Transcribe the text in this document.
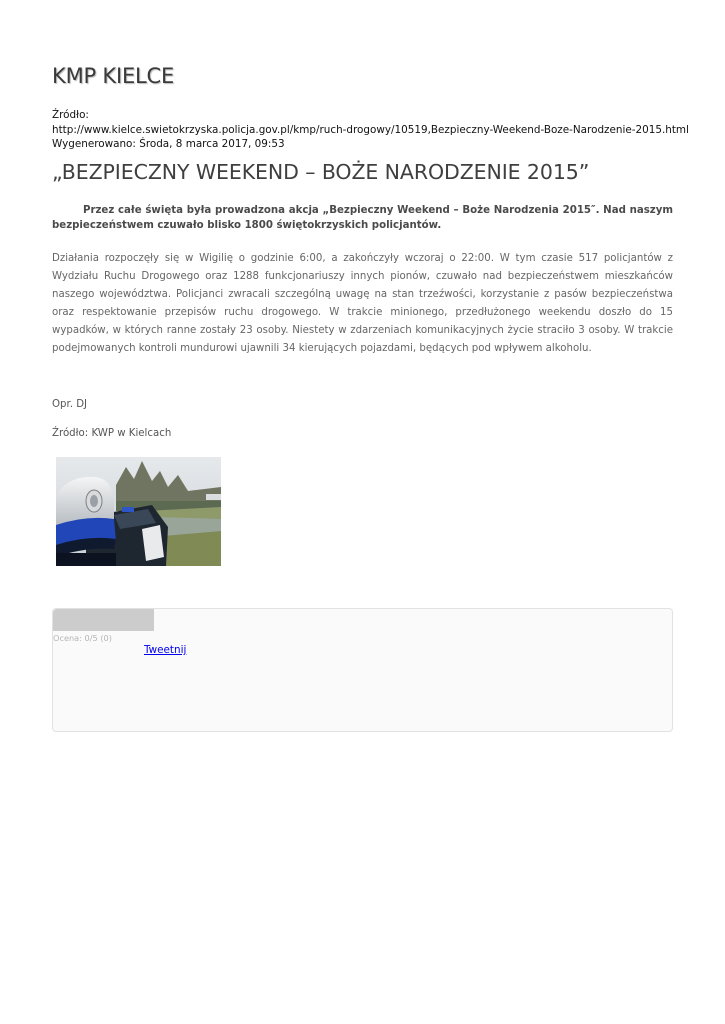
KMP KIELCE
Źródło:
http://www.kielce.swietokrzyska.policja.gov.pl/kmp/ruch-drogowy/10519,Bezpieczny-Weekend-Boze-Narodzenie-2015.html
Wygenerowano: Środa, 8 marca 2017, 09:53
„BEZPIECZNY WEEKEND – BOŻE NARODZENIE 2015”

Przez całe święta była prowadzona akcja „Bezpieczny Weekend – Boże Narodzenia 2015″. Nad naszym bezpieczeństwem czuwało blisko 1800 świętokrzyskich policjantów.

Działania rozpoczęły się w Wigilię o godzinie 6:00, a zakończyły wczoraj o 22:00. W tym czasie 517 policjantów z Wydziału Ruchu Drogowego oraz 1288 funkcjonariuszy innych pionów, czuwało nad bezpieczeństwem mieszkańców naszego województwa. Policjanci zwracali szczególną uwagę na stan trzeźwości, korzystanie z pasów bezpieczeństwa oraz respektowanie przepisów ruchu drogowego. W trakcie minionego, przedłużonego weekendu doszło do 15 wypadków, w których ranne zostały 23 osoby. Niestety w zdarzeniach komunikacyjnych życie straciło 3 osoby. W trakcie podejmowanych kontroli mundurowi ujawnili 34 kierujących pojazdami, będących pod wpływem alkoholu.

Opr. DJ
Źródło: KWP w Kielcach
Ocena: 0/5 (0)
Tweetnij
